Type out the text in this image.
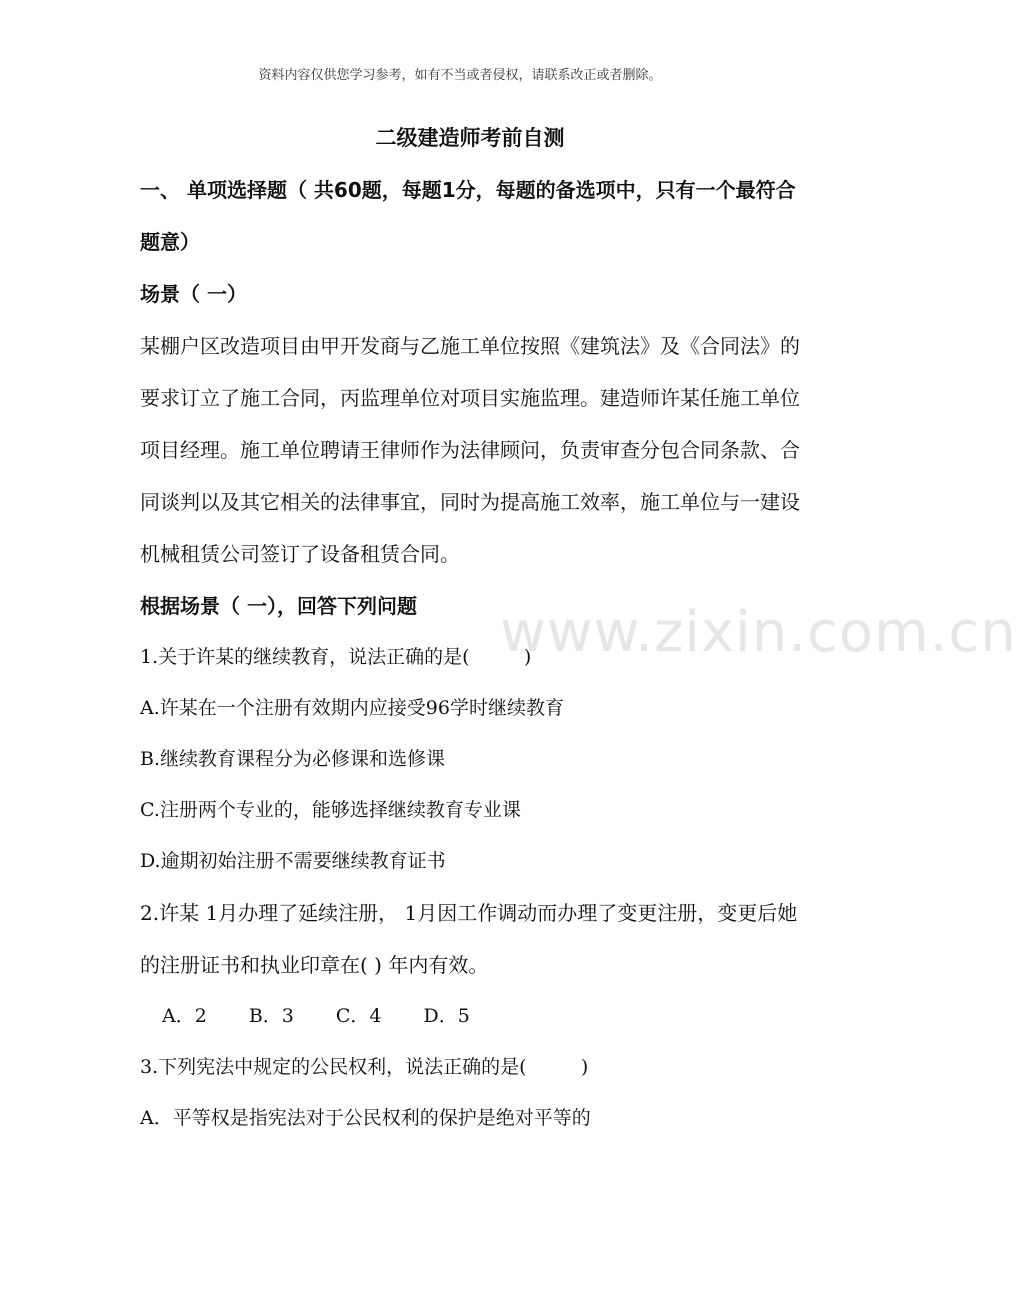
资料内容仅供您学习参考，如有不当或者侵权，请联系改正或者删除。
www.zixin.com.cn

二级建造师考前自测

一、 单项选择题（ 共60题，每题1分，每题的备选项中，只有一个最符合题意）

场景（ 一）

某棚户区改造项目由甲开发商与乙施工单位按照《建筑法》及《合同法》的要求订立了施工合同，丙监理单位对项目实施监理。建造师许某任施工单位项目经理。施工单位聘请王律师作为法律顾问，负责审查分包合同条款、合同谈判以及其它相关的法律事宜，同时为提高施工效率，施工单位与一建设机械租赁公司签订了设备租赁合同。

根据场景（ 一），回答下列问题

1.关于许某的继续教育，说法正确的是(         )

A.许某在一个注册有效期内应接受96学时继续教育

B.继续教育课程分为必修课和选修课

C.注册两个专业的，能够选择继续教育专业课

D.逾期初始注册不需要继续教育证书

2.许某 1月办理了延续注册， 1月因工作调动而办理了变更注册，变更后她的注册证书和执业印章在( ) 年内有效。

A．2 B．3 C．4 D．5

3.下列宪法中规定的公民权利，说法正确的是(         )

A．平等权是指宪法对于公民权利的保护是绝对平等的
